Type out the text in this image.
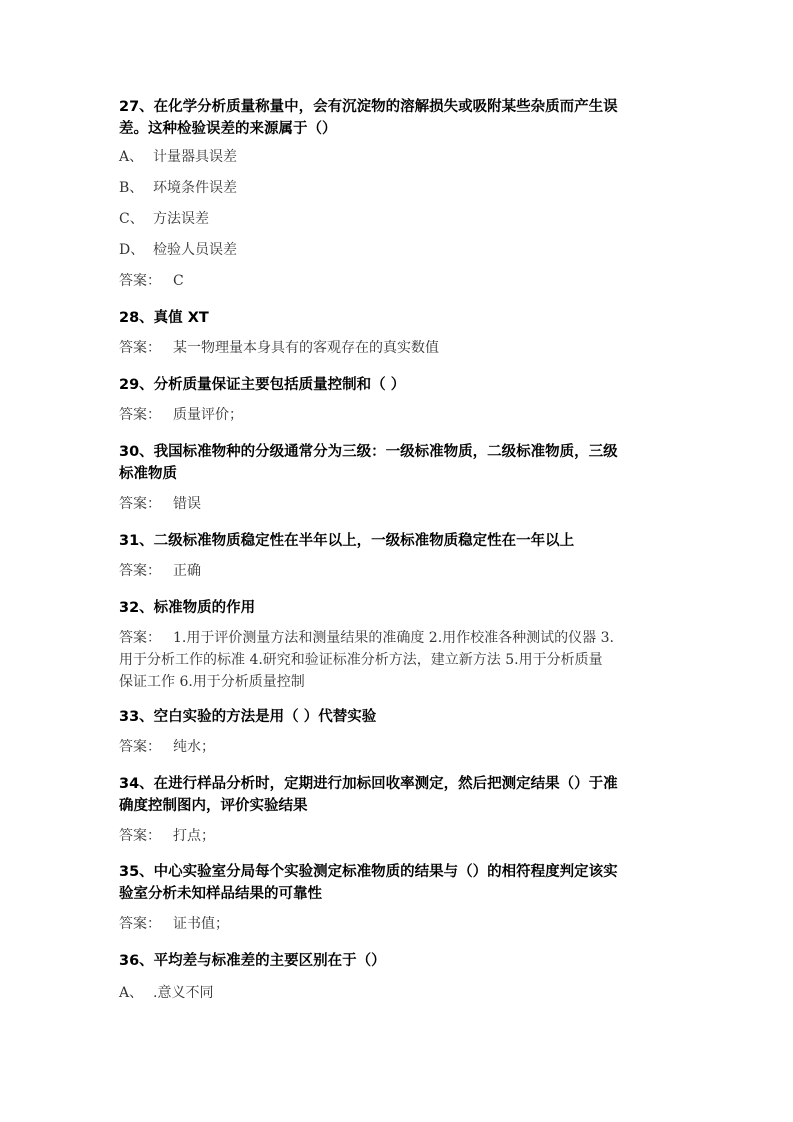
27、在化学分析质量称量中，会有沉淀物的溶解损失或吸附某些杂质而产生误
差。这种检验误差的来源属于（）
A、 计量器具误差
B、 环境条件误差
C、 方法误差
D、 检验人员误差
答案： C
28、真值 XT
答案： 某一物理量本身具有的客观存在的真实数值
29、分析质量保证主要包括质量控制和（ ）
答案： 质量评价；
30、我国标准物种的分级通常分为三级：一级标准物质，二级标准物质，三级
标准物质
答案： 错误
31、二级标准物质稳定性在半年以上，一级标准物质稳定性在一年以上
答案： 正确
32、标准物质的作用
答案： 1.用于评价测量方法和测量结果的准确度 2.用作校准各种测试的仪器 3.
用于分析工作的标准 4.研究和验证标准分析方法，建立新方法 5.用于分析质量
保证工作 6.用于分析质量控制
33、空白实验的方法是用（ ）代替实验
答案： 纯水；
34、在进行样品分析时，定期进行加标回收率测定，然后把测定结果（）于准
确度控制图内，评价实验结果
答案： 打点；
35、中心实验室分局每个实验测定标准物质的结果与（）的相符程度判定该实
验室分析未知样品结果的可靠性
答案： 证书值；
36、平均差与标准差的主要区别在于（）
A、 .意义不同
